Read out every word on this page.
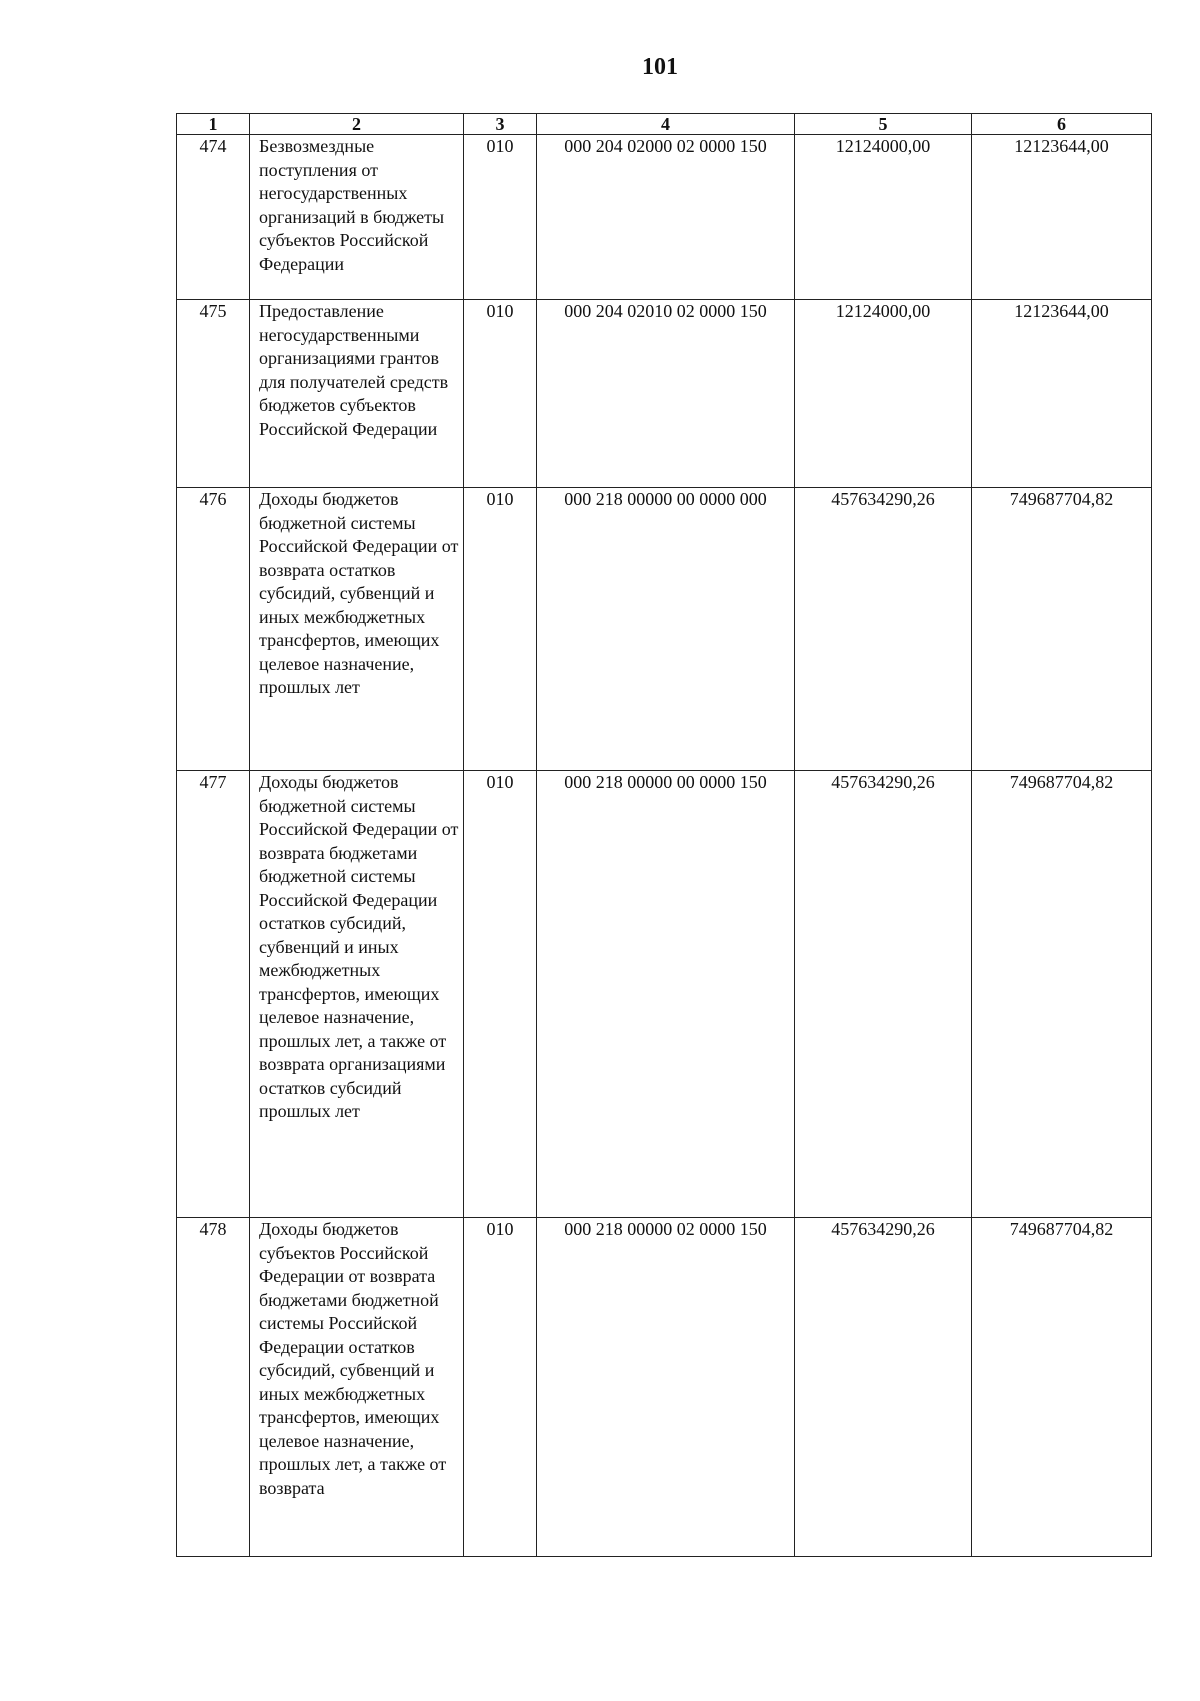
101
1	2	3	4	5	6
474	Безвозмездные поступления от негосударственных организаций в бюджеты субъектов Российской Федерации	010	000 204 02000 02 0000 150	12124000,00	12123644,00
475	Предоставление негосударственными организациями грантов для получателей средств бюджетов субъектов Российской Федерации	010	000 204 02010 02 0000 150	12124000,00	12123644,00
476	Доходы бюджетов бюджетной системы Российской Федерации от возврата остатков субсидий, субвенций и иных межбюджетных трансфертов, имеющих целевое назначение, прошлых лет	010	000 218 00000 00 0000 000	457634290,26	749687704,82
477	Доходы бюджетов бюджетной системы Российской Федерации от возврата бюджетами бюджетной системы Российской Федерации остатков субсидий, субвенций и иных межбюджетных трансфертов, имеющих целевое назначение, прошлых лет, а также от возврата организациями остатков субсидий прошлых лет	010	000 218 00000 00 0000 150	457634290,26	749687704,82
478	Доходы бюджетов субъектов Российской Федерации от возврата бюджетами бюджетной системы Российской Федерации остатков субсидий, субвенций и иных межбюджетных трансфертов, имеющих целевое назначение, прошлых лет, а также от возврата	010	000 218 00000 02 0000 150	457634290,26	749687704,82
